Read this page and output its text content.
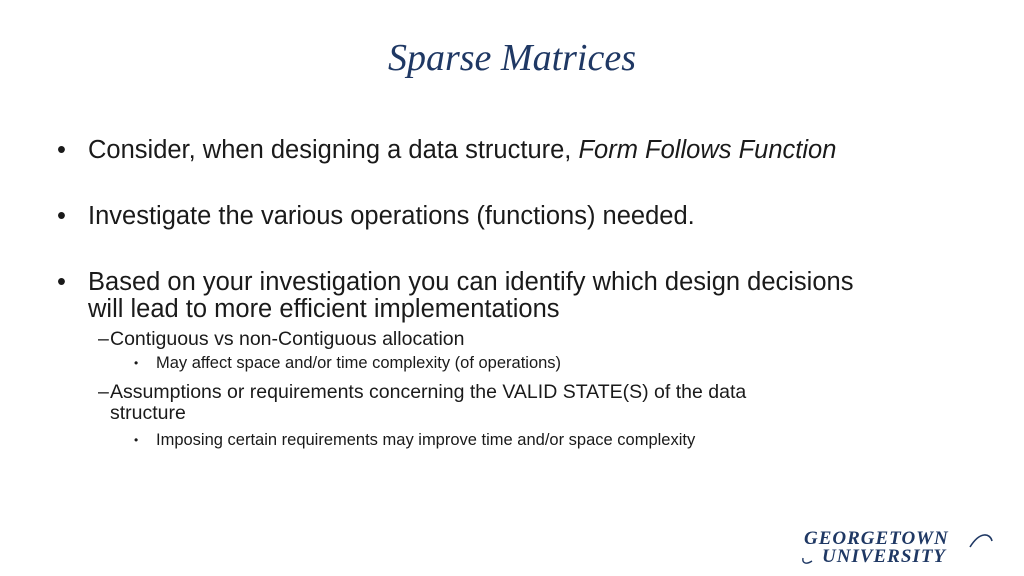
Sparse Matrices
• Consider, when designing a data structure, Form Follows Function
• Investigate the various operations (functions) needed.
• Based on your investigation you can identify which design decisions
will lead to more efficient implementations
– Contiguous vs non-Contiguous allocation
• May affect space and/or time complexity (of operations)
– Assumptions or requirements concerning the VALID STATE(S) of the data
structure
• Imposing certain requirements may improve time and/or space complexity
GEORGETOWN
UNIVERSITY
